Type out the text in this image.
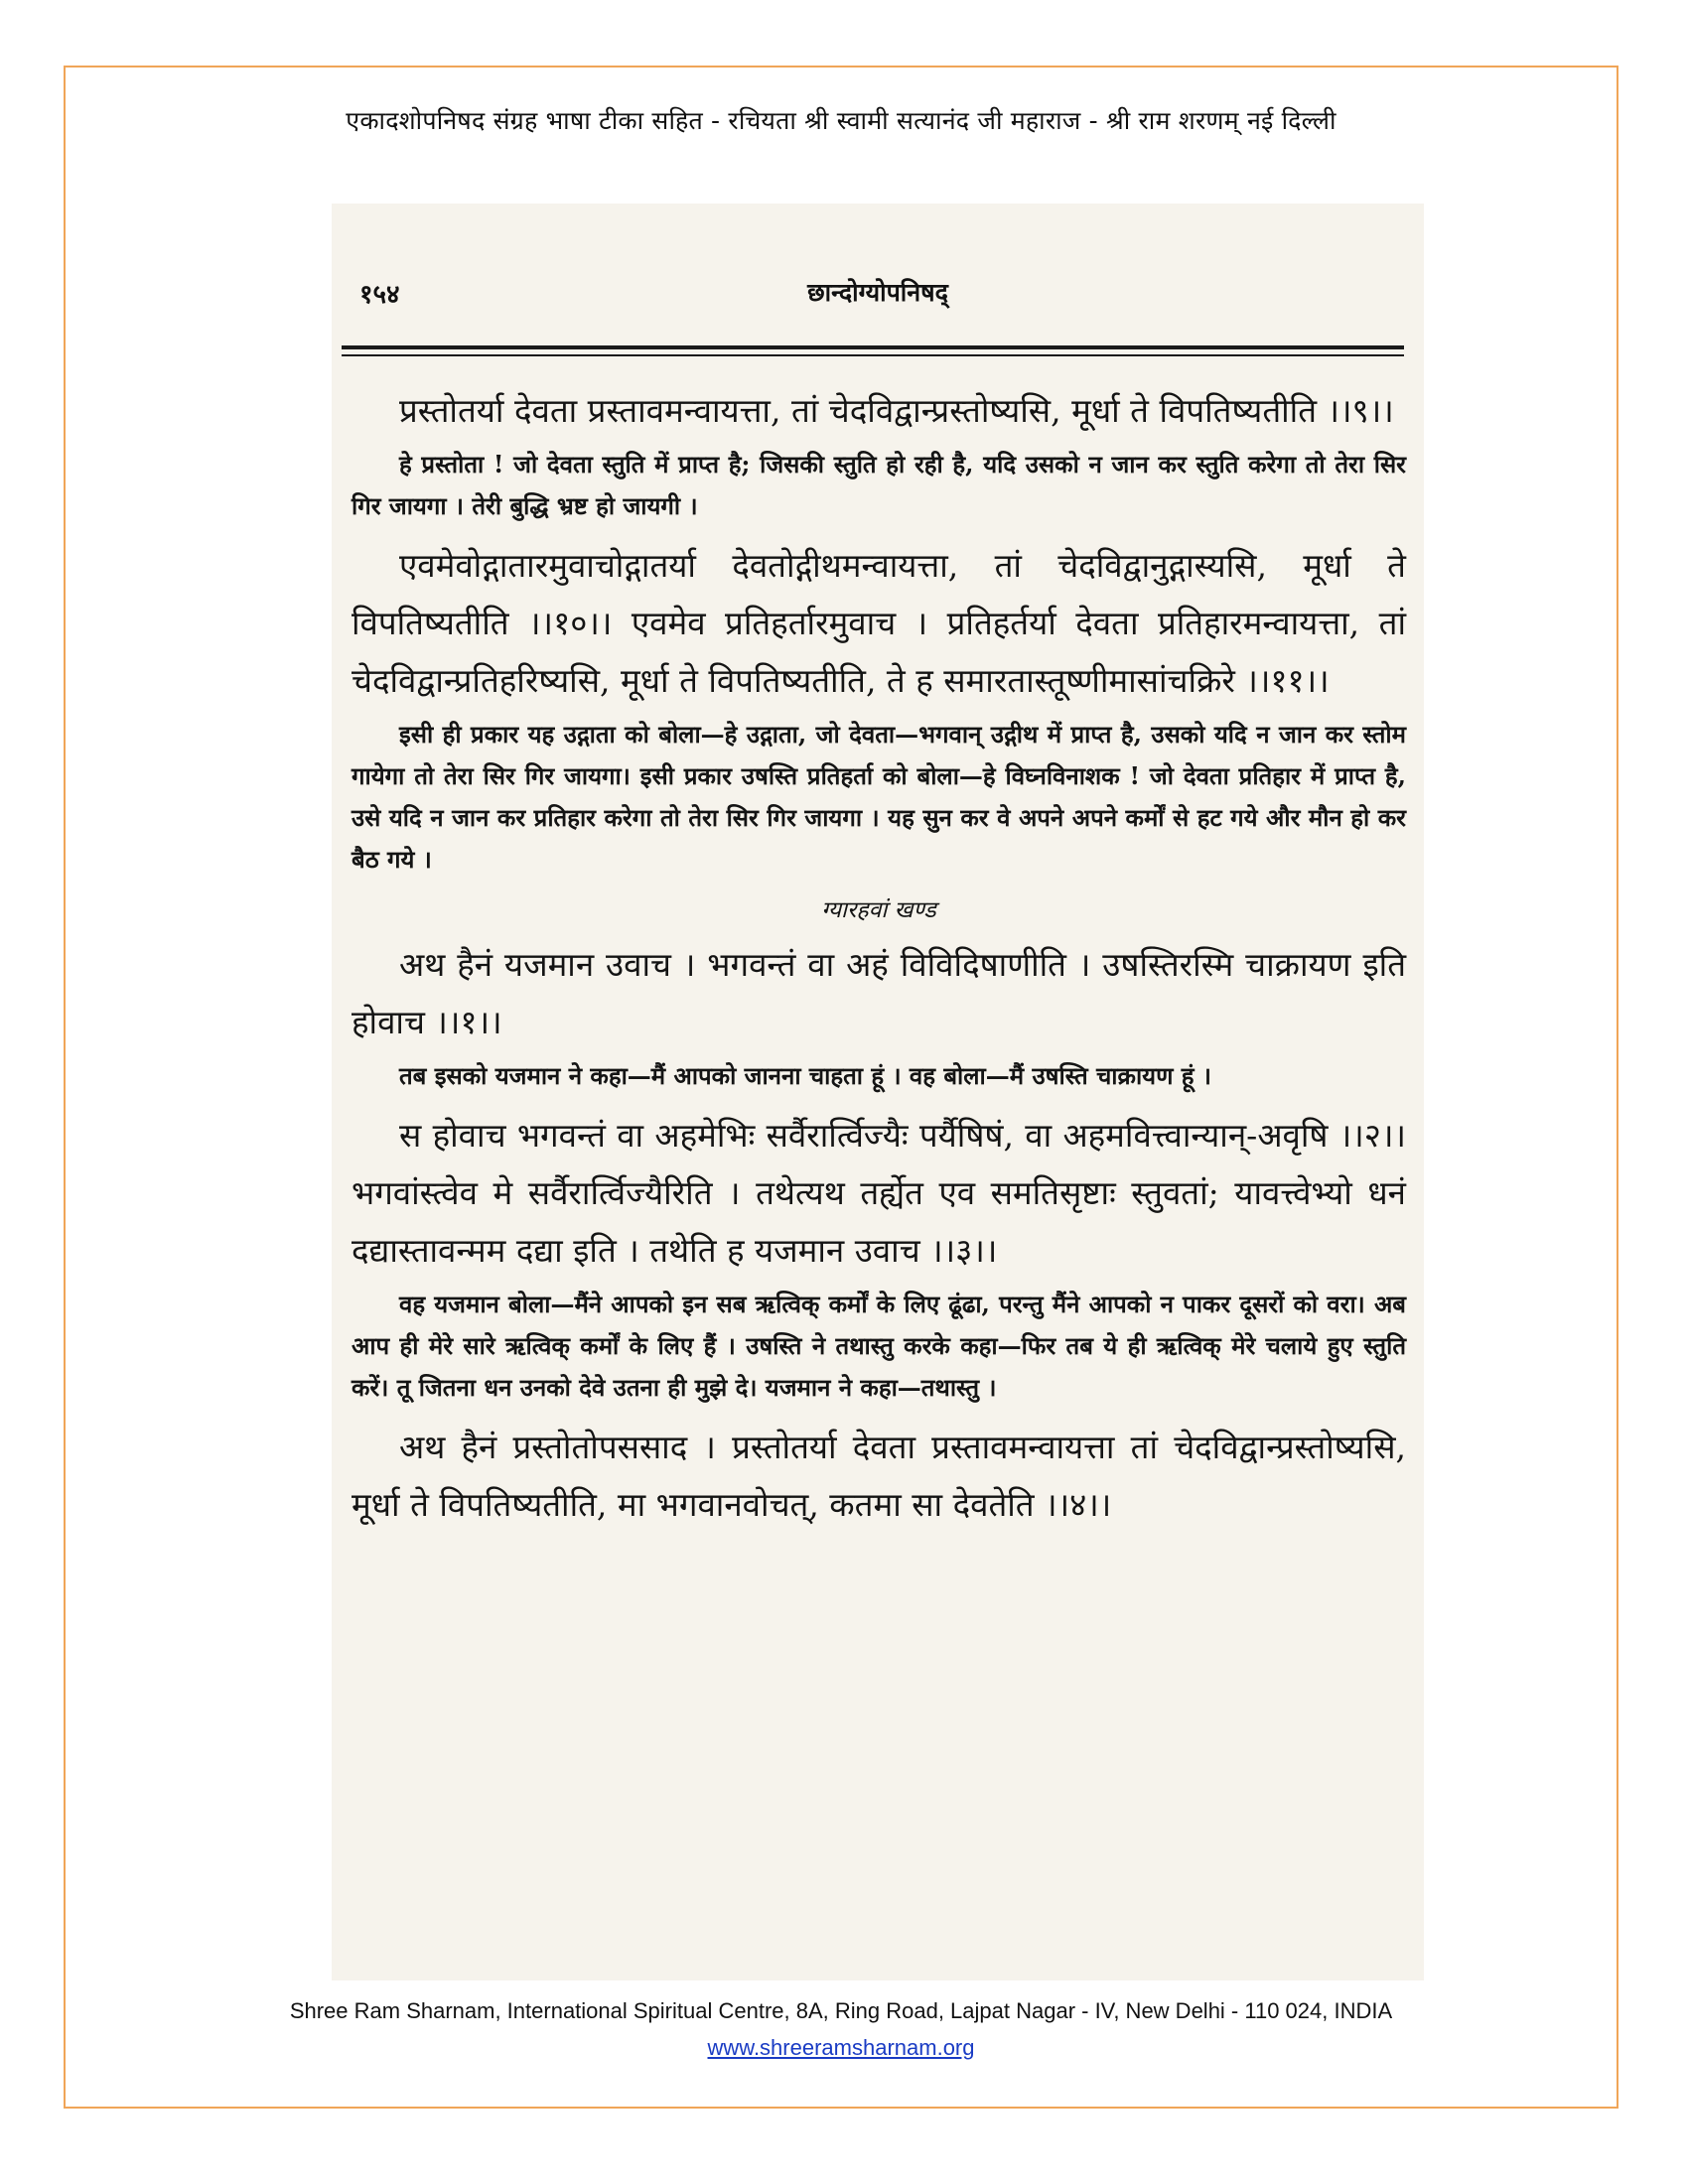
एकादशोपनिषद संग्रह भाषा टीका सहित - रचियता श्री स्वामी सत्यानंद जी महाराज - श्री राम शरणम् नई दिल्ली
१५४	छान्दोग्योपनिषद्

प्रस्तोतर्या देवता प्रस्तावमन्वायत्ता, तां चेदविद्वान्प्रस्तोष्यसि, मूर्धा ते विपतिष्यतीति ।।९।।

हे प्रस्तोता ! जो देवता स्तुति में प्राप्त है; जिसकी स्तुति हो रही है, यदि उसको न जान कर स्तुति करेगा तो तेरा सिर गिर जायगा । तेरी बुद्धि भ्रष्ट हो जायगी ।

एवमेवोद्गातारमुवाचोद्गातर्या देवतोद्गीथमन्वायत्ता, तां चेदविद्वानुद्गास्यसि, मूर्धा ते विपतिष्यतीति ।।१०।। एवमेव प्रतिहर्तारमुवाच । प्रतिहर्तर्या देवता प्रतिहारमन्वायत्ता, तां चेदविद्वान्प्रतिहरिष्यसि, मूर्धा ते विपतिष्यतीति, ते ह समारतास्तूष्णीमासांचक्रिरे ।।११।।

इसी ही प्रकार यह उद्गाता को बोला—हे उद्गाता, जो देवता—भगवान् उद्गीथ में प्राप्त है, उसको यदि न जान कर स्तोम गायेगा तो तेरा सिर गिर जायगा। इसी प्रकार उषस्ति प्रतिहर्ता को बोला—हे विघ्नविनाशक ! जो देवता प्रतिहार में प्राप्त है, उसे यदि न जान कर प्रतिहार करेगा तो तेरा सिर गिर जायगा । यह सुन कर वे अपने अपने कर्मों से हट गये और मौन हो कर बैठ गये ।

ग्यारहवां खण्ड

अथ हैनं यजमान उवाच । भगवन्तं वा अहं विविदिषाणीति । उषस्तिरस्मि चाक्रायण इति होवाच ।।१।।

तब इसको यजमान ने कहा—मैं आपको जानना चाहता हूं । वह बोला—मैं उषस्ति चाक्रायण हूं ।

स होवाच भगवन्तं वा अहमेभिः सर्वैरार्त्विज्यैः पर्यैषिषं, वा अहमवित्त्वान्यान्-अवृषि ।।२।। भगवांस्त्वेव मे सर्वैरार्त्विज्यैरिति । तथेत्यथ तर्ह्येत एव समतिसृष्टाः स्तुवतां; यावत्त्वेभ्यो धनं दद्यास्तावन्मम दद्या इति । तथेति ह यजमान उवाच ।।३।।

वह यजमान बोला—मैंने आपको इन सब ऋत्विक् कर्मों के लिए ढूंढा, परन्तु मैंने आपको न पाकर दूसरों को वरा। अब आप ही मेरे सारे ऋत्विक् कर्मों के लिए हैं । उषस्ति ने तथास्तु करके कहा—फिर तब ये ही ऋत्विक् मेरे चलाये हुए स्तुति करें। तू जितना धन उनको देवे उतना ही मुझे दे। यजमान ने कहा—तथास्तु ।

अथ हैनं प्रस्तोतोपससाद । प्रस्तोतर्या देवता प्रस्तावमन्वायत्ता तां चेदविद्वान्प्रस्तोष्यसि, मूर्धा ते विपतिष्यतीति, मा भगवानवोचत्, कतमा सा देवतेति ।।४।।

Shree Ram Sharnam, International Spiritual Centre, 8A, Ring Road, Lajpat Nagar - IV, New Delhi - 110 024, INDIA
www.shreeramsharnam.org
